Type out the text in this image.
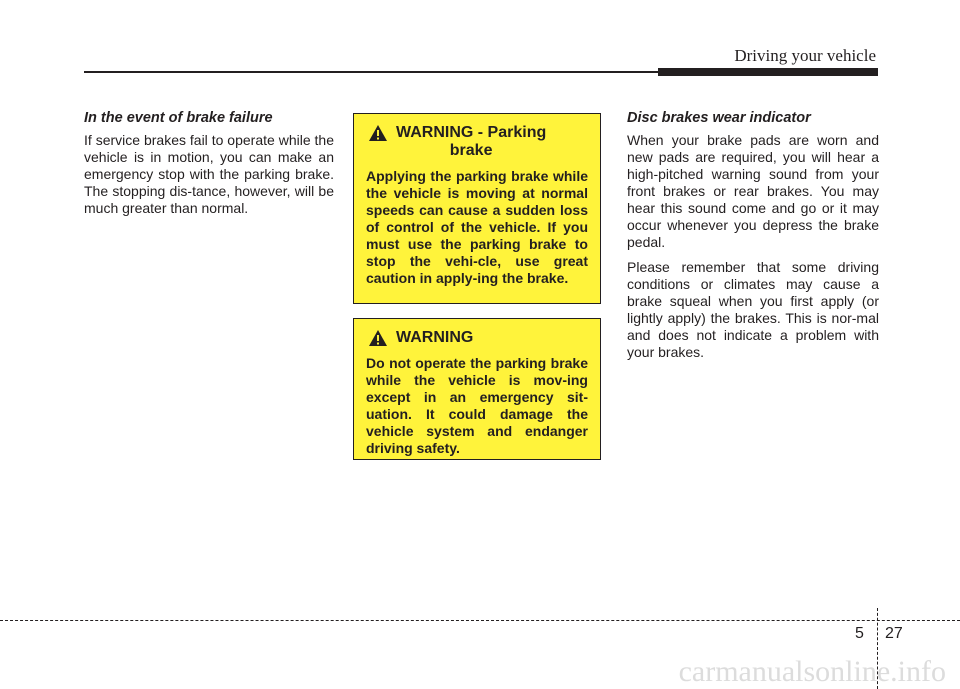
Driving your vehicle

In the event of brake failure

If service brakes fail to operate while the vehicle is in motion, you can make an emergency stop with the parking brake. The stopping dis-tance, however, will be much greater than normal.

WARNING - Parking
brake

Applying the parking brake while the vehicle is moving at normal speeds can cause a sudden loss of control of the vehicle. If you must use the parking brake to stop the vehi-cle, use great caution in apply-ing the brake.

WARNING

Do not operate the parking brake while the vehicle is mov-ing except in an emergency sit-uation. It could damage the vehicle system and endanger driving safety.

Disc brakes wear indicator

When your brake pads are worn and new pads are required, you will hear a high-pitched warning sound from your front brakes or rear brakes. You may hear this sound come and go or it may occur whenever you depress the brake pedal.

Please remember that some driving conditions or climates may cause a brake squeal when you first apply (or lightly apply) the brakes. This is nor-mal and does not indicate a problem with your brakes.

5 27
carmanualsonline.info
